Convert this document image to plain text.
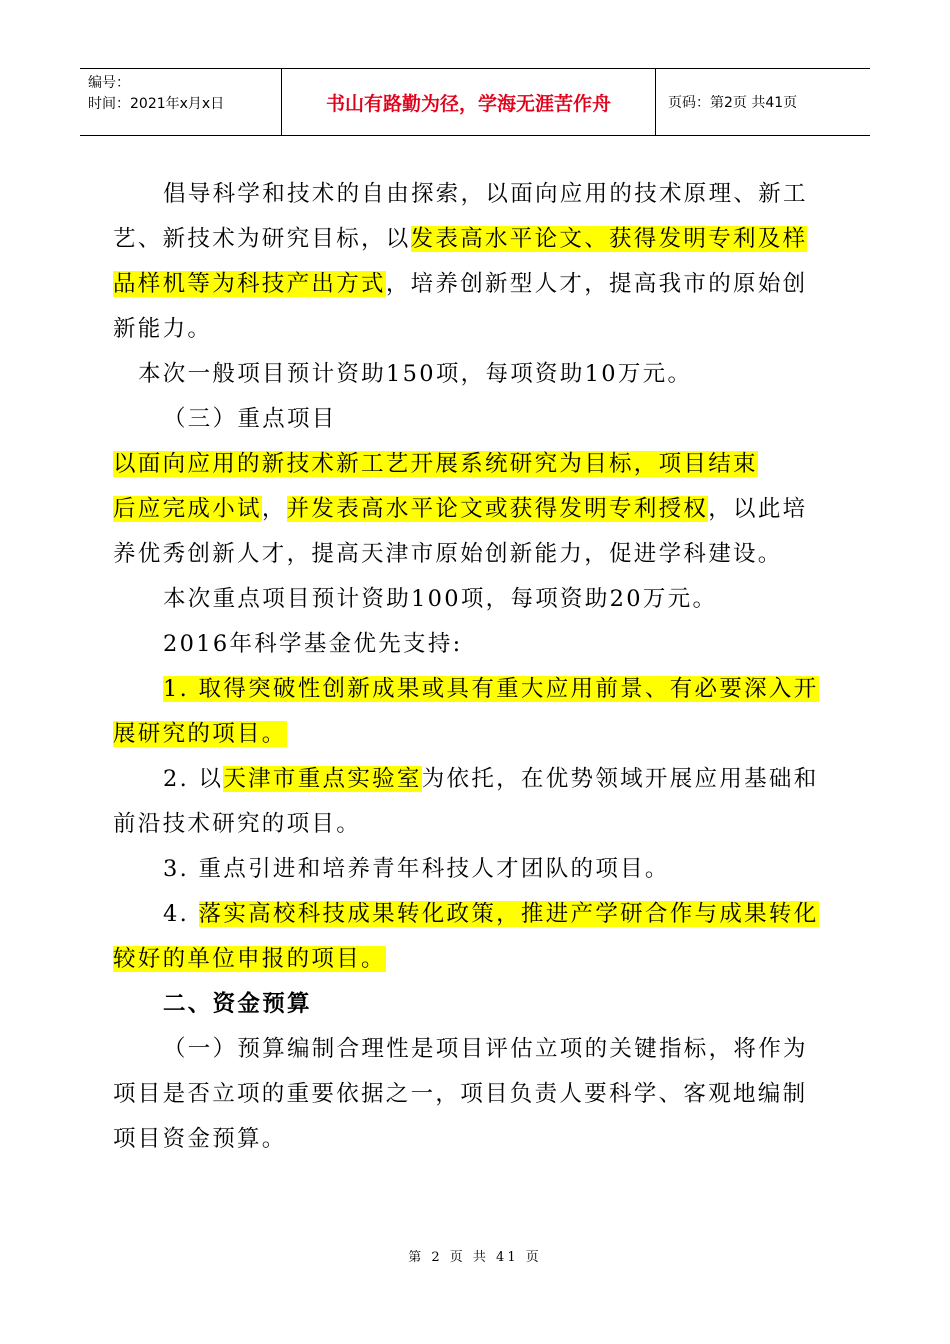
编号：
时间：2021年x月x日	书山有路勤为径，学海无涯苦作舟	页码：第2页 共41页
倡导科学和技术的自由探索，以面向应用的技术原理、新工
艺、新技术为研究目标，以发表高水平论文、获得发明专利及样
品样机等为科技产出方式，培养创新型人才，提高我市的原始创
新能力。
本次一般项目预计资助150项，每项资助10万元。
（三）重点项目
以面向应用的新技术新工艺开展系统研究为目标，项目结束
后应完成小试，并发表高水平论文或获得发明专利授权，以此培
养优秀创新人才，提高天津市原始创新能力，促进学科建设。
本次重点项目预计资助100项，每项资助20万元。
2016年科学基金优先支持:
1. 取得突破性创新成果或具有重大应用前景、有必要深入开
展研究的项目。
2. 以天津市重点实验室为依托，在优势领域开展应用基础和
前沿技术研究的项目。
3. 重点引进和培养青年科技人才团队的项目。
4. 落实高校科技成果转化政策，推进产学研合作与成果转化
较好的单位申报的项目。
二、资金预算
（一）预算编制合理性是项目评估立项的关键指标，将作为
项目是否立项的重要依据之一，项目负责人要科学、客观地编制
项目资金预算。
第 2 页 共 41 页
